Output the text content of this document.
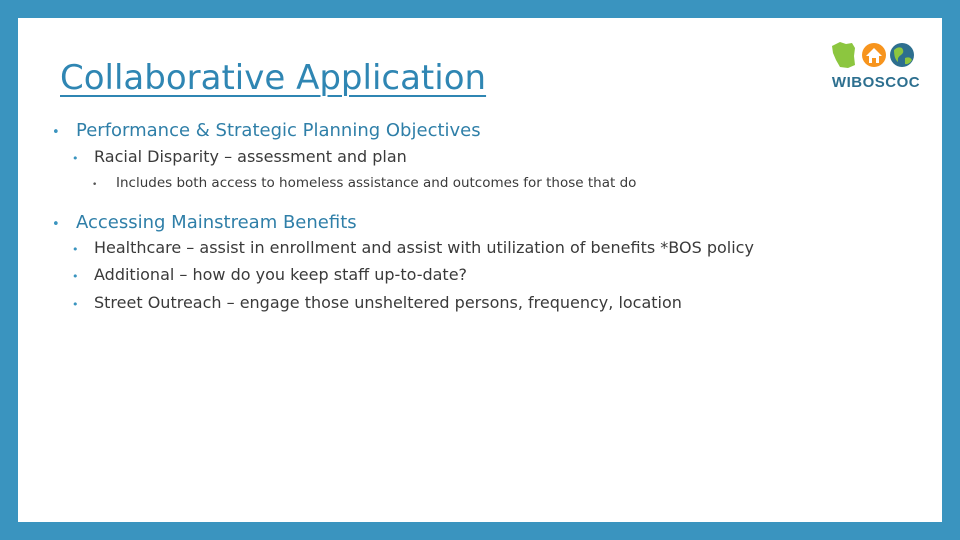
Collaborative Application	WIBOSCOC
• Performance & Strategic Planning Objectives
• Racial Disparity – assessment and plan
•	Includes both access to homeless assistance and outcomes for those that do
• Accessing Mainstream Benefits
• Healthcare – assist in enrollment and assist with utilization of benefits *BOS policy
• Additional – how do you keep staff up-to-date?
• Street Outreach – engage those unsheltered persons, frequency, location
